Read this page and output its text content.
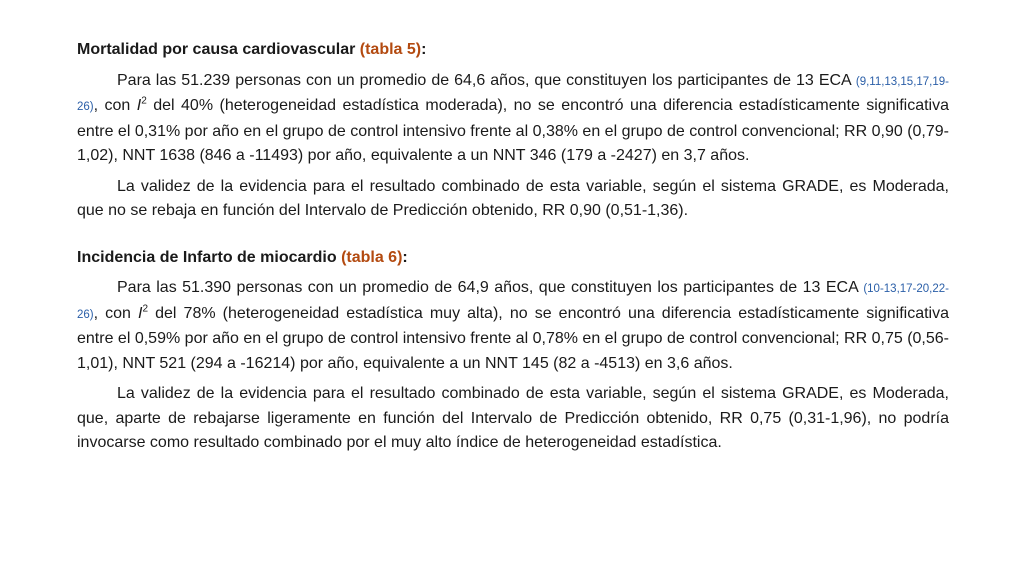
Mortalidad por causa cardiovascular (tabla 5):

Para las 51.239 personas con un promedio de 64,6 años, que constituyen los participantes de 13 ECA (9,11,13,15,17,19-26), con $I^2$ del 40% (heterogeneidad estadística moderada), no se encontró una diferencia estadísticamente significativa entre el 0,31% por año en el grupo de control intensivo frente al 0,38% en el grupo de control convencional; RR 0,90 (0,79-1,02), NNT 1638 (846 a -11493) por año, equivalente a un NNT 346 (179 a -2427) en 3,7 años.

La validez de la evidencia para el resultado combinado de esta variable, según el sistema GRADE, es Moderada, que no se rebaja en función del Intervalo de Predicción obtenido, RR 0,90 (0,51-1,36).

Incidencia de Infarto de miocardio (tabla 6):

Para las 51.390 personas con un promedio de 64,9 años, que constituyen los participantes de 13 ECA (10-13,17-20,22-26), con $I^2$ del 78% (heterogeneidad estadística muy alta), no se encontró una diferencia estadísticamente significativa entre el 0,59% por año en el grupo de control intensivo frente al 0,78% en el grupo de control convencional; RR 0,75 (0,56-1,01), NNT 521 (294 a -16214) por año, equivalente a un NNT 145 (82 a -4513) en 3,6 años.

La validez de la evidencia para el resultado combinado de esta variable, según el sistema GRADE, es Moderada, que, aparte de rebajarse ligeramente en función del Intervalo de Predicción obtenido, RR 0,75 (0,31-1,96), no podría invocarse como resultado combinado por el muy alto índice de heterogeneidad estadística.
